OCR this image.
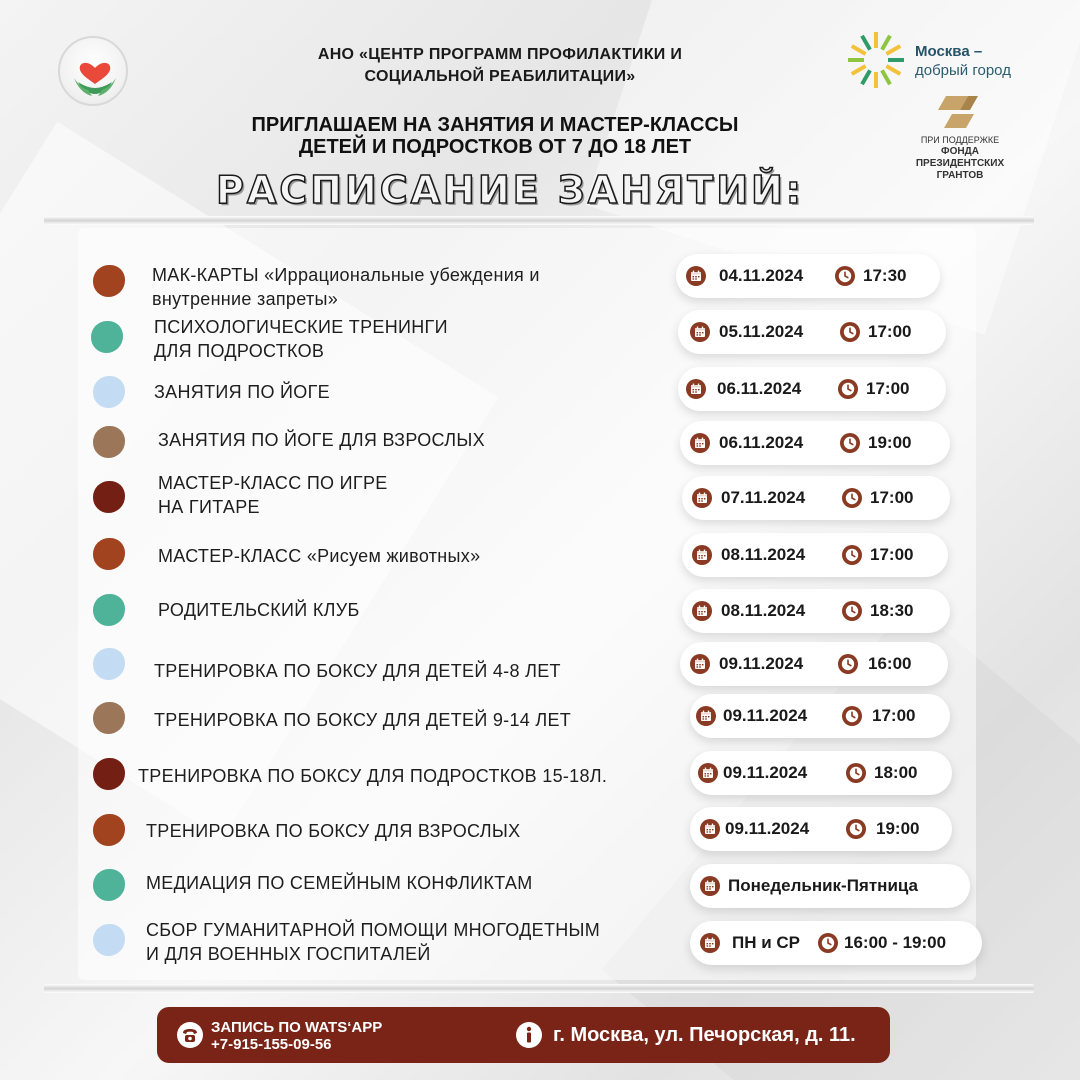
АНО «ЦЕНТР ПРОГРАММ ПРОФИЛАКТИКИ И
СОЦИАЛЬНОЙ РЕАБИЛИТАЦИИ»
ПРИГЛАШАЕМ НА ЗАНЯТИЯ И МАСТЕР-КЛАССЫ
ДЕТЕЙ И ПОДРОСТКОВ ОТ 7 ДО 18 ЛЕТ
РАСПИСАНИЕ ЗАНЯТИЙ:
Москва –
добрый город
ПРИ ПОДДЕРЖКЕ
ФОНДА
ПРЕЗИДЕНТСКИХ
ГРАНТОВ
МАК-КАРТЫ «Иррациональные убеждения и
внутренние запреты»
04.11.2024	17:30
ПСИХОЛОГИЧЕСКИЕ ТРЕНИНГИ
ДЛЯ ПОДРОСТКОВ
05.11.2024	17:00
ЗАНЯТИЯ ПО ЙОГЕ	06.11.2024	17:00
ЗАНЯТИЯ ПО ЙОГЕ ДЛЯ ВЗРОСЛЫХ	06.11.2024	19:00
МАСТЕР-КЛАСС ПО ИГРЕ
НА ГИТАРЕ	07.11.2024	17:00
МАСТЕР-КЛАСС «Рисуем животных»	08.11.2024	17:00
РОДИТЕЛЬСКИЙ КЛУБ	08.11.2024	18:30
ТРЕНИРОВКА ПО БОКСУ ДЛЯ ДЕТЕЙ 4-8 ЛЕТ	09.11.2024	16:00
ТРЕНИРОВКА ПО БОКСУ ДЛЯ ДЕТЕЙ 9-14 ЛЕТ	09.11.2024	17:00
ТРЕНИРОВКА ПО БОКСУ ДЛЯ ПОДРОСТКОВ 15-18Л.	09.11.2024	18:00
ТРЕНИРОВКА ПО БОКСУ ДЛЯ ВЗРОСЛЫХ	09.11.2024	19:00
МЕДИАЦИЯ ПО СЕМЕЙНЫМ КОНФЛИКТАМ	Понедельник-Пятница
СБОР ГУМАНИТАРНОЙ ПОМОЩИ МНОГОДЕТНЫМ
И ДЛЯ ВОЕННЫХ ГОСПИТАЛЕЙ
ПН и СР	16:00 - 19:00
ЗАПИСЬ ПО WATS‘APP
+7-915-155-09-56	г. Москва, ул. Печорская, д. 11.
